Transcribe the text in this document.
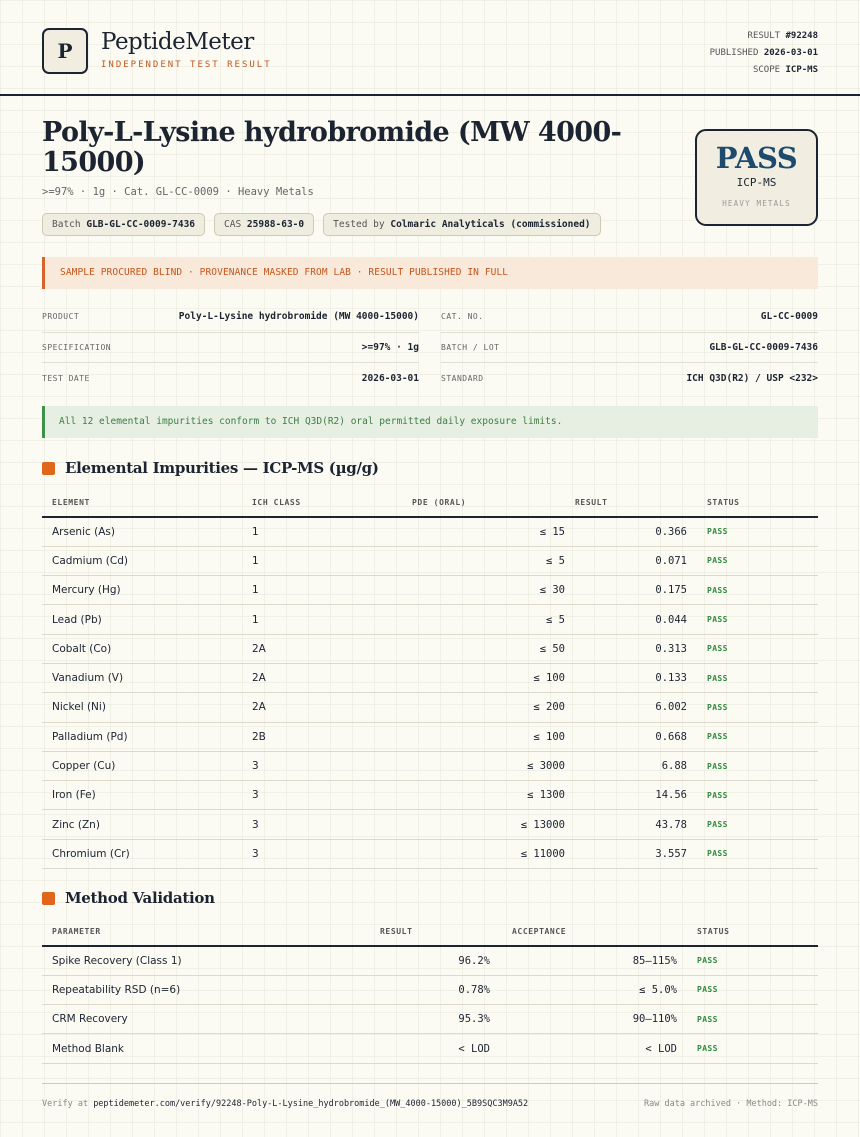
P PeptideMeter
INDEPENDENT TEST RESULT
RESULT #92248
PUBLISHED 2026-03-01
SCOPE ICP-MS
Poly-L-Lysine hydrobromide (MW 4000-15000)
>=97% · 1g · Cat. GL-CC-0009 · Heavy Metals
Batch GLB-GL-CC-0009-7436	CAS 25988-63-0	Tested by Colmaric Analyticals (commissioned)
PASS
ICP-MS
HEAVY METALS
SAMPLE PROCURED BLIND · PROVENANCE MASKED FROM LAB · RESULT PUBLISHED IN FULL
PRODUCT	Poly-L-Lysine hydrobromide (MW 4000-15000)
SPECIFICATION	>=97% · 1g
TEST DATE	2026-03-01
CAT. NO.	GL-CC-0009
BATCH / LOT	GLB-GL-CC-0009-7436
STANDARD	ICH Q3D(R2) / USP <232>
All 12 elemental impurities conform to ICH Q3D(R2) oral permitted daily exposure limits.
Elemental Impurities — ICP-MS (µg/g)
ELEMENT	ICH CLASS	PDE (ORAL)	RESULT	STATUS
Arsenic (As)	1	≤ 15	0.366	PASS
Cadmium (Cd)	1	≤ 5	0.071	PASS
Mercury (Hg)	1	≤ 30	0.175	PASS
Lead (Pb)	1	≤ 5	0.044	PASS
Cobalt (Co)	2A	≤ 50	0.313	PASS
Vanadium (V)	2A	≤ 100	0.133	PASS
Nickel (Ni)	2A	≤ 200	6.002	PASS
Palladium (Pd)	2B	≤ 100	0.668	PASS
Copper (Cu)	3	≤ 3000	6.88	PASS
Iron (Fe)	3	≤ 1300	14.56	PASS
Zinc (Zn)	3	≤ 13000	43.78	PASS
Chromium (Cr)	3	≤ 11000	3.557	PASS
Method Validation
PARAMETER	RESULT	ACCEPTANCE	STATUS
Spike Recovery (Class 1)	96.2%	85–115%	PASS
Repeatability RSD (n=6)	0.78%	≤ 5.0%	PASS
CRM Recovery	95.3%	90–110%	PASS
Method Blank	< LOD	< LOD	PASS
Verify at peptidemeter.com/verify/92248-Poly-L-Lysine_hydrobromide_(MW_4000-15000)_5B9SQC3M9A52	Raw data archived · Method: ICP-MS
